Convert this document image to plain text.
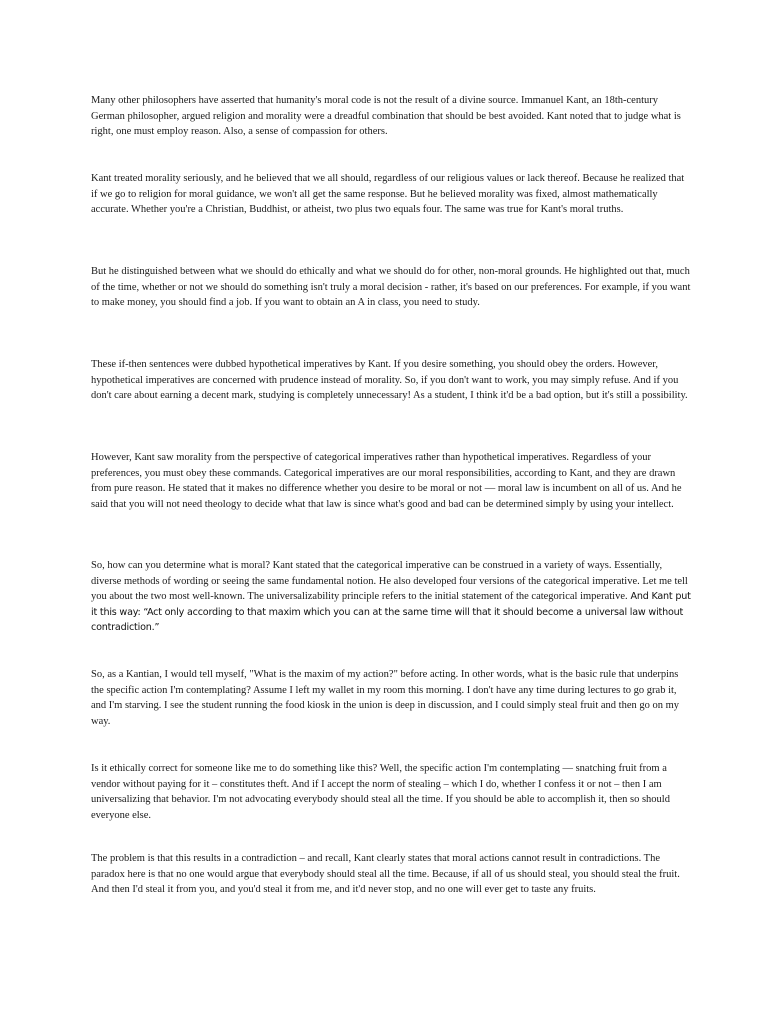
Many other philosophers have asserted that humanity's moral code is not the result of a divine source. Immanuel Kant, an 18th-century German philosopher, argued religion and morality were a dreadful combination that should be best avoided. Kant noted that to judge what is right, one must employ reason. Also, a sense of compassion for others.

Kant treated morality seriously, and he believed that we all should, regardless of our religious values or lack thereof. Because he realized that if we go to religion for moral guidance, we won't all get the same response. But he believed morality was fixed, almost mathematically accurate. Whether you're a Christian, Buddhist, or atheist, two plus two equals four. The same was true for Kant's moral truths.

But he distinguished between what we should do ethically and what we should do for other, non-moral grounds. He highlighted out that, much of the time, whether or not we should do something isn't truly a moral decision - rather, it's based on our preferences. For example, if you want to make money, you should find a job. If you want to obtain an A in class, you need to study.

These if-then sentences were dubbed hypothetical imperatives by Kant. If you desire something, you should obey the orders. However, hypothetical imperatives are concerned with prudence instead of morality. So, if you don't want to work, you may simply refuse. And if you don't care about earning a decent mark, studying is completely unnecessary! As a student, I think it'd be a bad option, but it's still a possibility.

However, Kant saw morality from the perspective of categorical imperatives rather than hypothetical imperatives. Regardless of your preferences, you must obey these commands. Categorical imperatives are our moral responsibilities, according to Kant, and they are drawn from pure reason. He stated that it makes no difference whether you desire to be moral or not — moral law is incumbent on all of us. And he said that you will not need theology to decide what that law is since what's good and bad can be determined simply by using your intellect.

So, how can you determine what is moral? Kant stated that the categorical imperative can be construed in a variety of ways. Essentially, diverse methods of wording or seeing the same fundamental notion. He also developed four versions of the categorical imperative. Let me tell you about the two most well-known. The universalizability principle refers to the initial statement of the categorical imperative. And Kant put it this way: “Act only according to that maxim which you can at the same time will that it should become a universal law without contradiction.”

So, as a Kantian, I would tell myself, "What is the maxim of my action?" before acting. In other words, what is the basic rule that underpins the specific action I'm contemplating? Assume I left my wallet in my room this morning. I don't have any time during lectures to go grab it, and I'm starving. I see the student running the food kiosk in the union is deep in discussion, and I could simply steal fruit and then go on my way.

Is it ethically correct for someone like me to do something like this? Well, the specific action I'm contemplating — snatching fruit from a vendor without paying for it – constitutes theft. And if I accept the norm of stealing – which I do, whether I confess it or not – then I am universalizing that behavior. I'm not advocating everybody should steal all the time. If you should be able to accomplish it, then so should everyone else.

The problem is that this results in a contradiction – and recall, Kant clearly states that moral actions cannot result in contradictions. The paradox here is that no one would argue that everybody should steal all the time. Because, if all of us should steal, you should steal the fruit. And then I'd steal it from you, and you'd steal it from me, and it'd never stop, and no one will ever get to taste any fruits.
